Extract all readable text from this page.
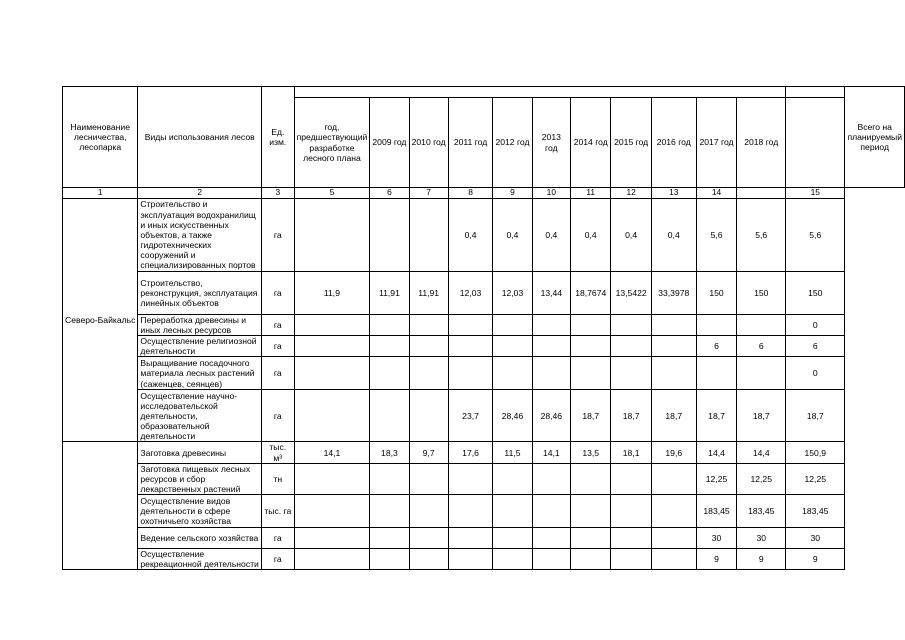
Наименование лесничества, лесопарка	Виды использования лесов	Ед. изм.													Всего на планируемый период
			год, предшествующий разработке лесного плана	2009 год	2010 год	2011 год	2012 год	2013 год	2014 год	2015 год	2016 год	2017 год	2018 год		
1	2	3	5	6	7	8	9	10	11	12	13	14		15	
Северо-Байкальс	Строительство и эксплуатация водохранилищ и иных искусственных объектов, а также гидротехнических сооружений и специализированных портов	га				0,4	0,4	0,4	0,4	0,4	0,4	5,6	5,6	5,6	
	Строительство, реконструкция, эксплуатация линейных объектов	га	11,9	11,91	11,91	12,03	12,03	13,44	18,7674	13,5422	33,3978	150	150	150	
	Переработка древесины и иных лесных ресурсов	га												0	
	Осуществление религиозной деятельности	га										6	6	6	
	Выращивание посадочного материала лесных растений (саженцев, сеянцев)	га												0	
	Осуществление научно-исследовательской деятельности, образовательной деятельности	га				23,7	28,46	28,46	18,7	18,7	18,7	18,7	18,7	18,7	
	Заготовка древесины	тыс. м³	14,1	18,3	9,7	17,6	11,5	14,1	13,5	18,1	19,6	14,4	14,4	150,9	
	Заготовка пищевых лесных ресурсов и сбор лекарственных растений	тн										12,25	12,25	12,25	
	Осуществление видов деятельности в сфере охотничьего хозяйства	тыс. га										183,45	183,45	183,45	
	Ведение сельского хозяйства	га										30	30	30	
	Осуществление рекреационной деятельности	га										9	9	9	
